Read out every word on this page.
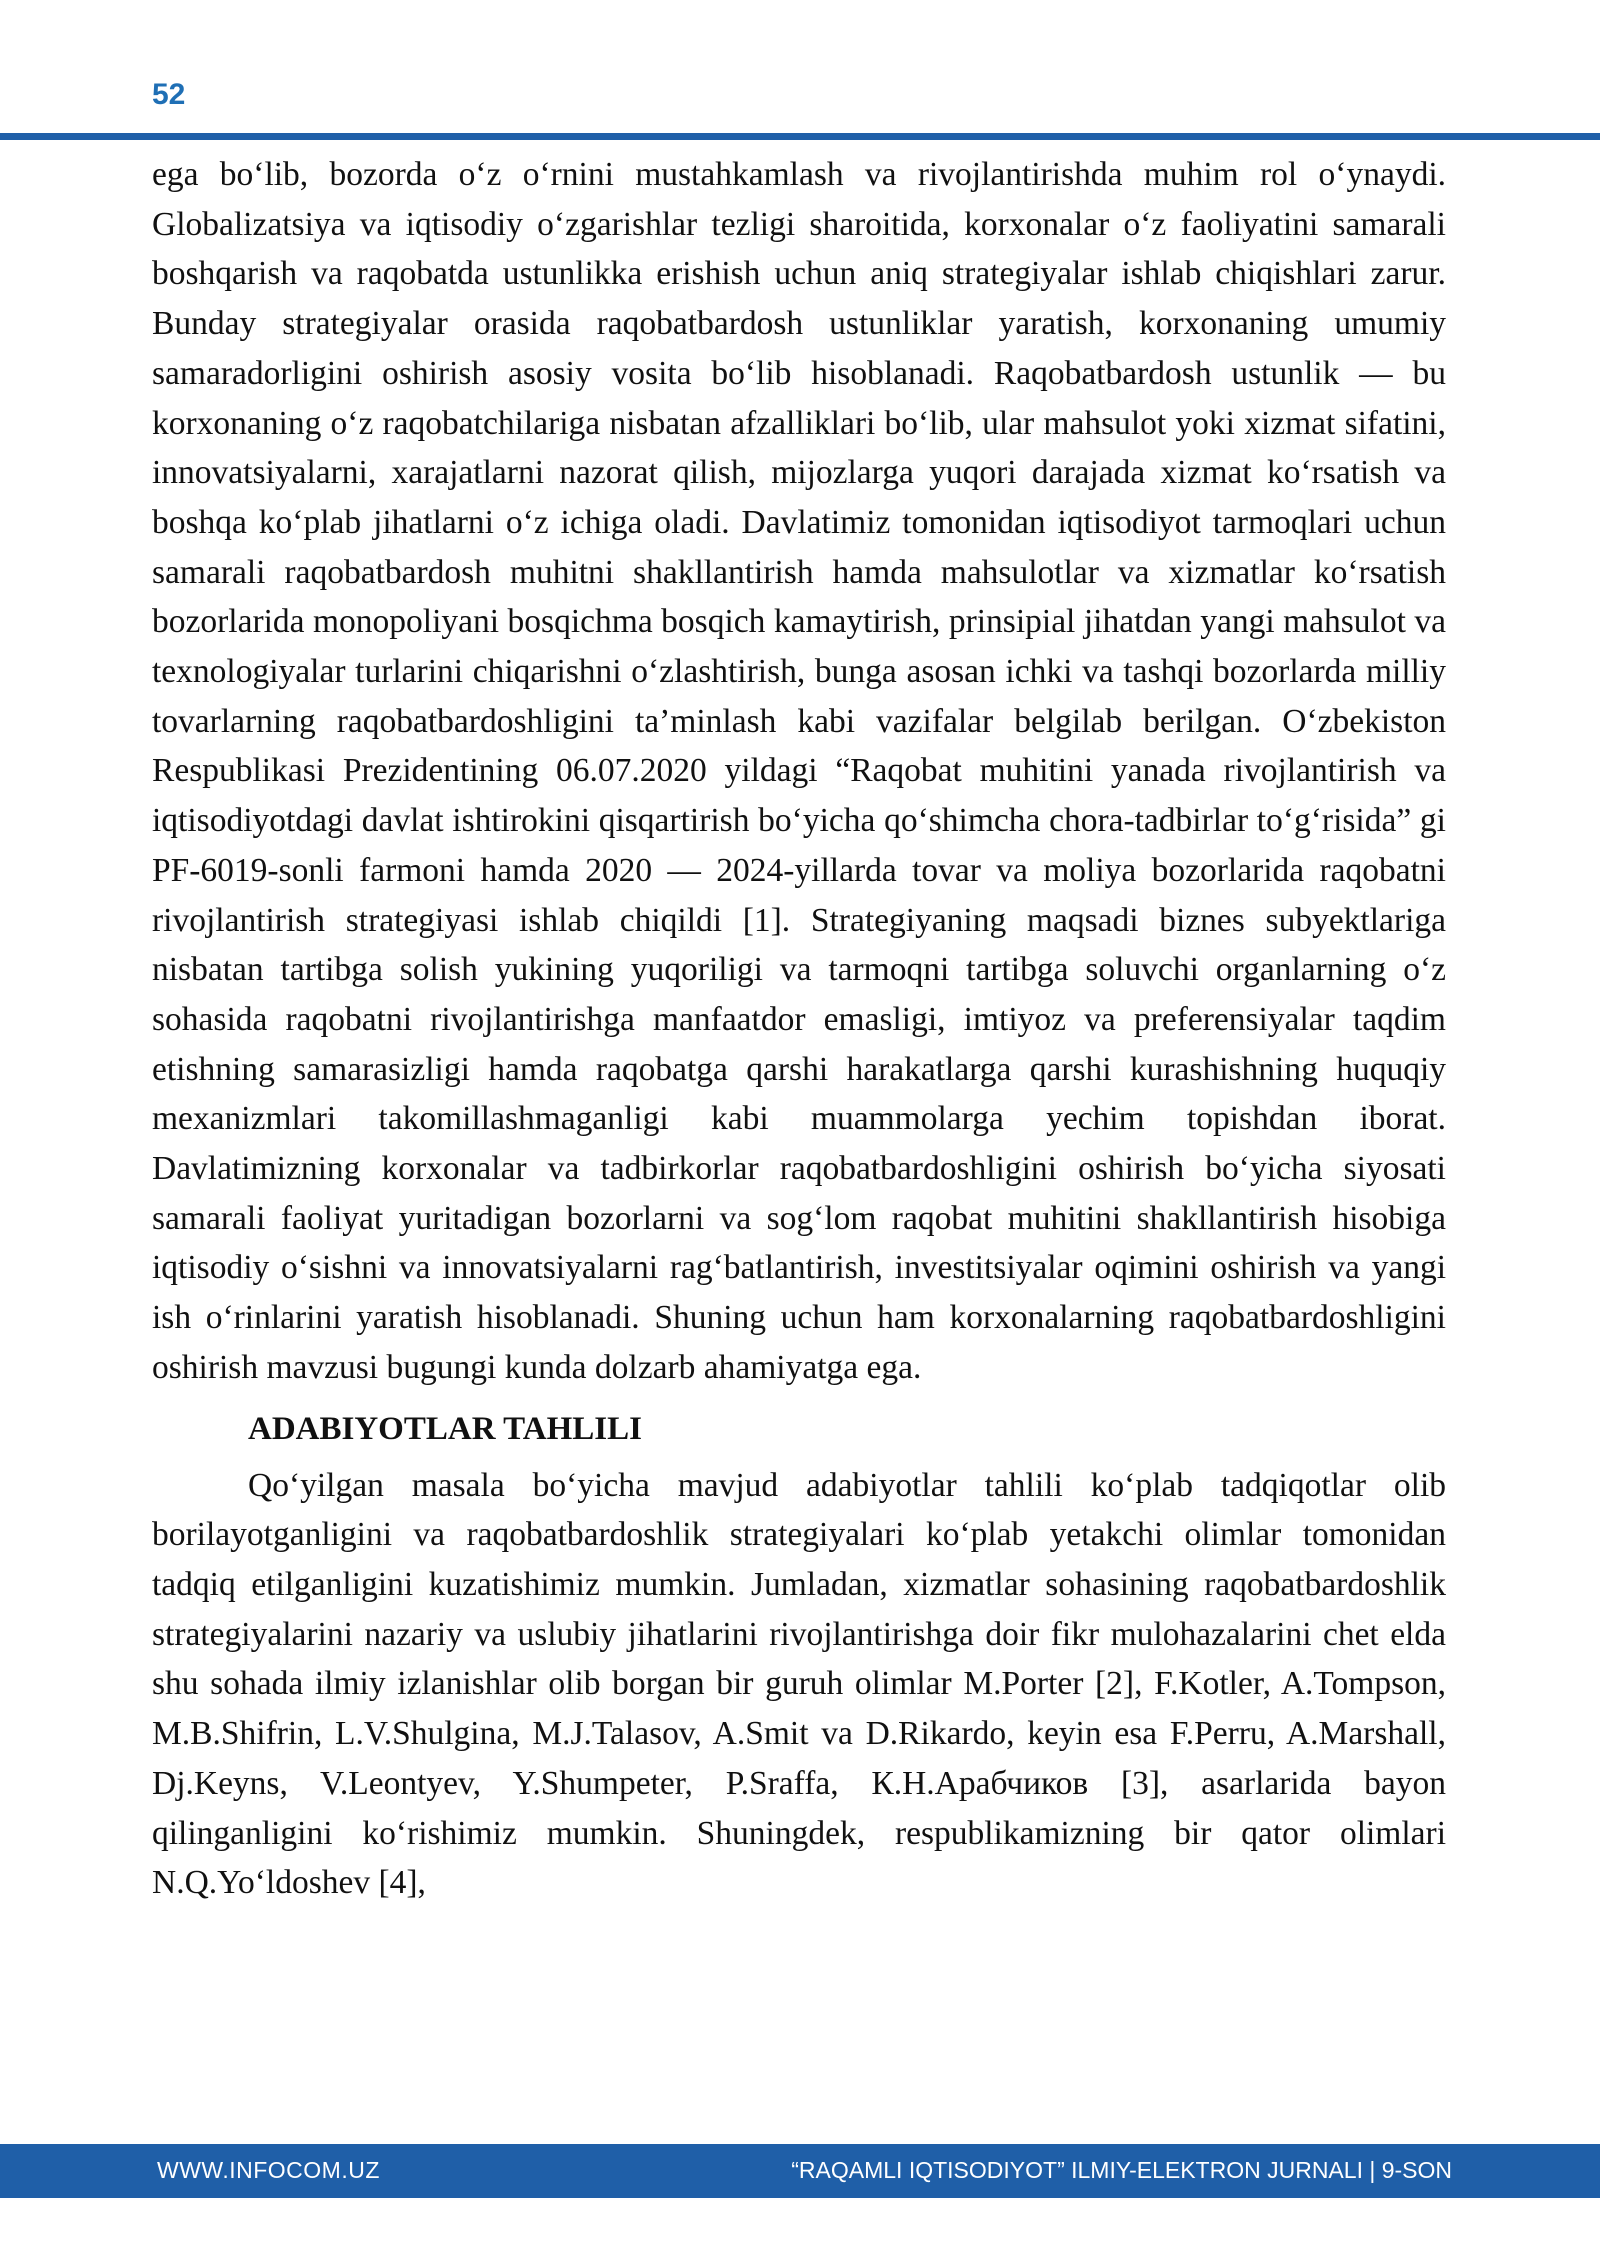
52

ega bo‘lib, bozorda o‘z o‘rnini mustahkamlash va rivojlantirishda muhim rol o‘ynaydi. Globalizatsiya va iqtisodiy o‘zgarishlar tezligi sharoitida, korxonalar o‘z faoliyatini samarali boshqarish va raqobatda ustunlikka erishish uchun aniq strategiyalar ishlab chiqishlari zarur. Bunday strategiyalar orasida raqobatbardosh ustunliklar yaratish, korxonaning umumiy samaradorligini oshirish asosiy vosita bo‘lib hisoblanadi. Raqobatbardosh ustunlik — bu korxonaning o‘z raqobatchilariga nisbatan afzalliklari bo‘lib, ular mahsulot yoki xizmat sifatini, innovatsiyalarni, xarajatlarni nazorat qilish, mijozlarga yuqori darajada xizmat ko‘rsatish va boshqa ko‘plab jihatlarni o‘z ichiga oladi. Davlatimiz tomonidan iqtisodiyot tarmoqlari uchun samarali raqobatbardosh muhitni shakllantirish hamda mahsulotlar va xizmatlar ko‘rsatish bozorlarida monopoliyani bosqichma bosqich kamaytirish, prinsipial jihatdan yangi mahsulot va texnologiyalar turlarini chiqarishni o‘zlashtirish, bunga asosan ichki va tashqi bozorlarda milliy tovarlarning raqobatbardoshligini ta’minlash kabi vazifalar belgilab berilgan. O‘zbekiston Respublikasi Prezidentining 06.07.2020 yildagi “Raqobat muhitini yanada rivojlantirish va iqtisodiyotdagi davlat ishtirokini qisqartirish bo‘yicha qo‘shimcha chora-tadbirlar to‘g‘risida” gi PF-6019-sonli farmoni hamda 2020 — 2024-yillarda tovar va moliya bozorlarida raqobatni rivojlantirish strategiyasi ishlab chiqildi [1]. Strategiyaning maqsadi biznes subyektlariga nisbatan tartibga solish yukining yuqoriligi va tarmoqni tartibga soluvchi organlarning o‘z sohasida raqobatni rivojlantirishga manfaatdor emasligi, imtiyoz va preferensiyalar taqdim etishning samarasizligi hamda raqobatga qarshi harakatlarga qarshi kurashishning huquqiy mexanizmlari takomillashmaganligi kabi muammolarga yechim topishdan iborat. Davlatimizning korxonalar va tadbirkorlar raqobatbardoshligini oshirish bo‘yicha siyosati samarali faoliyat yuritadigan bozorlarni va sog‘lom raqobat muhitini shakllantirish hisobiga iqtisodiy o‘sishni va innovatsiyalarni rag‘batlantirish, investitsiyalar oqimini oshirish va yangi ish o‘rinlarini yaratish hisoblanadi. Shuning uchun ham korxonalarning raqobatbardoshligini oshirish mavzusi bugungi kunda dolzarb ahamiyatga ega.

ADABIYOTLAR TAHLILI

Qo‘yilgan masala bo‘yicha mavjud adabiyotlar tahlili ko‘plab tadqiqotlar olib borilayotganligini va raqobatbardoshlik strategiyalari ko‘plab yetakchi olimlar tomonidan tadqiq etilganligini kuzatishimiz mumkin. Jumladan, xizmatlar sohasining raqobatbardoshlik strategiyalarini nazariy va uslubiy jihatlarini rivojlantirishga doir fikr mulohazalarini chet elda shu sohada ilmiy izlanishlar olib borgan bir guruh olimlar M.Porter [2], F.Kotler, A.Tompson, M.B.Shifrin, L.V.Shulgina, M.J.Talasov, A.Smit va D.Rikardo, keyin esa F.Perru, A.Marshall, Dj.Keyns, V.Leontyev, Y.Shumpeter, P.Sraffa, К.Н.Арабчиков [3], asarlarida bayon qilinganligini ko‘rishimiz mumkin. Shuningdek, respublikamizning bir qator olimlari N.Q.Yo‘ldoshev [4],

WWW.INFOCOM.UZ	“RAQAMLI IQTISODIYOT” ILMIY-ELEKTRON JURNALI | 9-SON
